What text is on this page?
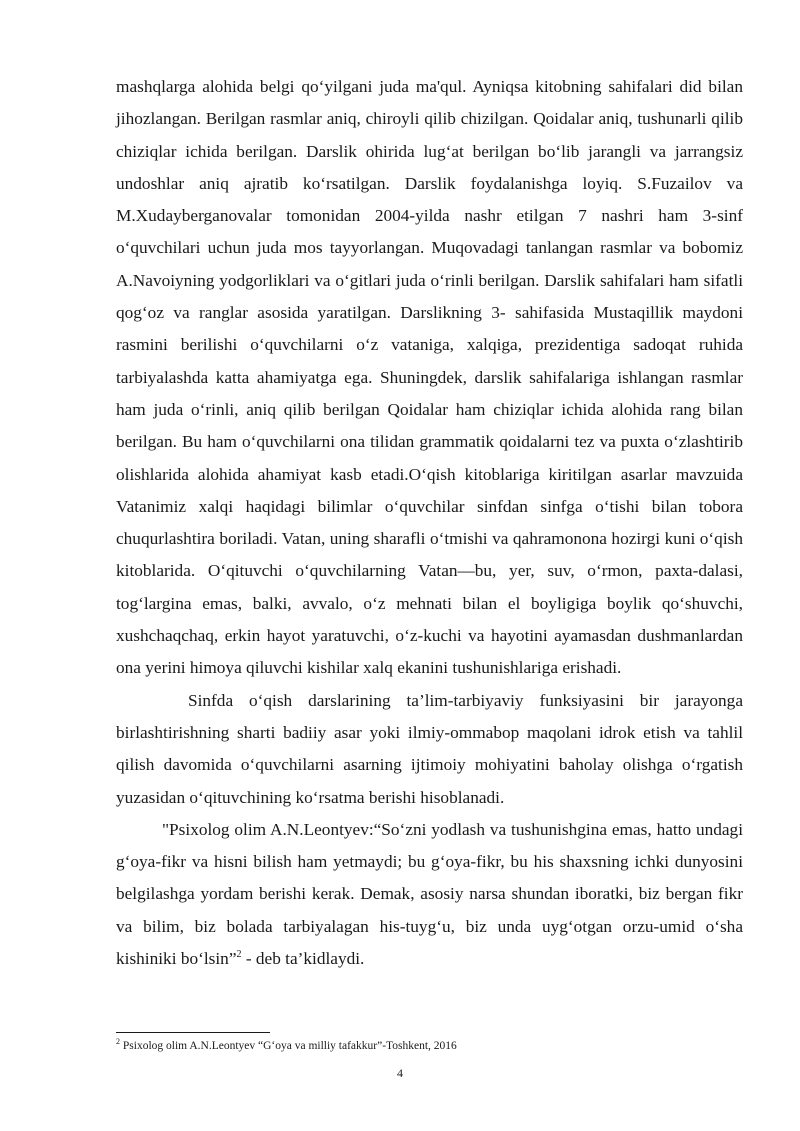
mashqlarga alohida belgi qo‘yilgani juda ma'qul. Ayniqsa kitobning sahifalari did bilan jihozlangan. Berilgan rasmlar aniq, chiroyli qilib chizilgan. Qoidalar aniq, tushunarli qilib chiziqlar ichida berilgan. Darslik ohirida lug‘at berilgan bo‘lib jarangli va jarrangsiz undoshlar aniq ajratib ko‘rsatilgan. Darslik foydalanishga loyiq. S.Fuzailov va M.Xudayberganovalar tomonidan 2004-yilda nashr etilgan 7 nashri ham 3-sinf o‘quvchilari uchun juda mos tayyorlangan. Muqovadagi tanlangan rasmlar va bobomiz A.Navoiyning yodgorliklari va o‘gitlari juda o‘rinli berilgan. Darslik sahifalari ham sifatli qog‘oz va ranglar asosida yaratilgan. Darslikning 3- sahifasida Mustaqillik maydoni rasmini berilishi o‘quvchilarni o‘z vataniga, xalqiga, prezidentiga sadoqat ruhida tarbiyalashda katta ahamiyatga ega. Shuningdek, darslik sahifalariga ishlangan rasmlar ham juda o‘rinli, aniq qilib berilgan Qoidalar ham chiziqlar ichida alohida rang bilan berilgan. Bu ham o‘quvchilarni ona tilidan grammatik qoidalarni tez va puxta o‘zlashtirib olishlarida alohida ahamiyat kasb etadi.O‘qish kitoblariga kiritilgan asarlar mavzuida Vatanimiz xalqi haqidagi bilimlar o‘quvchilar sinfdan sinfga o‘tishi bilan tobora chuqurlashtira boriladi. Vatan, uning sharafli o‘tmishi va qahramonona hozirgi kuni o‘qish kitoblarida. O‘qituvchi o‘quvchilarning Vatan—bu, yer, suv, o‘rmon, paxta-dalasi, tog‘largina emas, balki, avvalo, o‘z mehnati bilan el boyligiga boylik qo‘shuvchi, xushchaqchaq, erkin hayot yaratuvchi, o‘z-kuchi va hayotini ayamasdan dushmanlardan ona yerini himoya qiluvchi kishilar xalq ekanini tushunishlariga erishadi.

Sinfda o‘qish darslarining ta’lim-tarbiyaviy funksiyasini bir jarayonga birlashtirishning sharti badiiy asar yoki ilmiy-ommabop maqolani idrok etish va tahlil qilish davomida o‘quvchilarni asarning ijtimoiy mohiyatini baholay olishga o‘rgatish yuzasidan o‘qituvchining ko‘rsatma berishi hisoblanadi.

"Psixolog olim A.N.Leontyev:“So‘zni yodlash va tushunishgina emas, hatto undagi g‘oya-fikr va hisni bilish ham yetmaydi; bu g‘oya-fikr, bu his shaxsning ichki dunyosini belgilashga yordam berishi kerak. Demak, asosiy narsa shundan iboratki, biz bergan fikr va bilim, biz bolada tarbiyalagan his-tuyg‘u, biz unda uyg‘otgan orzu-umid o‘sha kishiniki bo‘lsin”$^2$ - deb ta’kidlaydi.

$^2$ Psixolog olim A.N.Leontyev “G‘oya va milliy tafakkur”-Toshkent, 2016

4
